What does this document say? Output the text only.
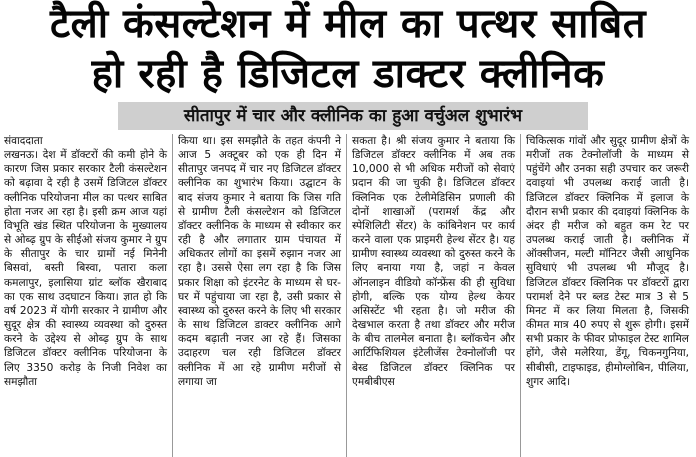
टैली कंसल्टेशन में मील का पत्थर साबित
हो रही है डिजिटल डाक्टर क्लीनिक
सीतापुर में चार और क्लीनिक का हुआ वर्चुअल शुभारंभ
संवाददाता

लखनऊ। देश में डॉक्टरों की कमी होने के कारण जिस प्रकार सरकार टैली कंसल्टेशन को बढ़ावा दे रही है उसमें डिजिटल डॉक्टर क्लीनिक परियोजना मील का पत्थर साबित होता नजर आ रहा है। इसी क्रम आज यहां विभूति खंड स्थित परियोजना के मुख्यालय से ओब्ढ़ ग्रुप के सीईओ संजय कुमार ने ग्रुप के सीतापुर के चार ग्रामों नई मिनेनी बिसवां, बस्ती बिस्वा, पतारा कला कमलापुर, इलासिया ग्रांट ब्लॉक खैराबाद का एक साथ उदघाटन किया। ज्ञात हो कि वर्ष 2023 में योगी सरकार ने ग्रामीण और सुदूर क्षेत्र की स्वास्थ्य व्यवस्था को दुरुस्त करने के उद्देश्य से ओब्ढ़ ग्रुप के साथ डिजिटल डॉक्टर क्लीनिक परियोजना के लिए 3350 करोड़ के निजी निवेश का समझौता

किया था। इस समझौते के तहत कंपनी ने आज 5 अक्टूबर को एक ही दिन में सीतापुर जनपद में चार नए डिजिटल डॉक्टर क्लीनिक का शुभारंभ किया। उद्घाटन के बाद संजय कुमार ने बताया कि जिस गति से ग्रामीण टैली कंसल्टेशन को डिजिटल डॉक्टर क्लीनिक के माध्यम से स्वीकार कर रही है और लगातार ग्राम पंचायत में अधिकतर लोगों का इसमें रुझान नजर आ रहा है। उससे ऐसा लग रहा है कि जिस प्रकार शिक्षा को इंटरनेट के माध्यम से घर-घर में पहुंचाया जा रहा है, उसी प्रकार से स्वास्थ्य को दुरुस्त करने के लिए भी सरकार के साथ डिजिटल डाक्टर क्लीनिक आगे कदम बढ़ाती नजर आ रहे हैं। जिसका उदाहरण चल रही डिजिटल डॉक्टर क्लीनिक में आ रहे ग्रामीण मरीजों से लगाया जा

सकता है। श्री संजय कुमार ने बताया कि डिजिटल डॉक्टर क्लीनिक में अब तक 10,000 से भी अधिक मरीजों को सेवाएं प्रदान की जा चुकी है। डिजिटल डॉक्टर क्लिनिक एक टेलीमेडिसिन प्रणाली की दोनों शाखाओं (परामर्श केंद्र और स्पेशिलिटी सेंटर) के कांबिनेशन पर कार्य करने वाला एक प्राइमरी हेल्थ सेंटर है। यह ग्रामीण स्वास्थ्य व्यवस्था को दुरुस्त करने के लिए बनाया गया है, जहां न केवल ऑनलाइन वीडियो कॉन्फ्रेंस की ही सुविधा होगी, बल्कि एक योग्य हेल्थ केयर असिस्टेंट भी रहता है। जो मरीज की देखभाल करता है तथा डॉक्टर और मरीज के बीच तालमेल बनाता है। ब्लॉकचेन और आर्टिफिशियल इंटेलीजेंस टेक्नोलॉजी पर बेस्ड डिजिटल डॉक्टर क्लिनिक पर एमबीबीएस

चिकित्सक गांवों और सुदूर ग्रामीण क्षेत्रों के मरीजों तक टेक्नोलॉजी के माध्यम से पहुंचेंगे और उनका सही उपचार कर जरूरी दवाइयां भी उपलब्ध कराई जाती है। डिजिटल डॉक्टर क्लिनिक में इलाज के दौरान सभी प्रकार की दवाइयां क्लिनिक के अंदर ही मरीज को बहुत कम रेट पर उपलब्ध कराई जाती है। क्लीनिक में ऑक्सीजन, मल्टी मॉनिटर जैसी आधुनिक सुविधाएं भी उपलब्ध भी मौजूद है। डिजिटल डॉक्टर क्लिनिक पर डॉक्टरों द्वारा परामर्श देने पर ब्लड टेस्ट मात्र 3 से 5 मिनट में कर लिया मिलता है, जिसकी कीमत मात्र 40 रुपए से शुरू होगी। इसमें सभी प्रकार के फीवर प्रोफाइल टेस्ट शामिल होंगे, जैसे मलेरिया, डेंगू, चिकनगुनिया, सीबीसी, टाइफाइड, हीमोग्लोबिन, पीलिया, शुगर आदि।
